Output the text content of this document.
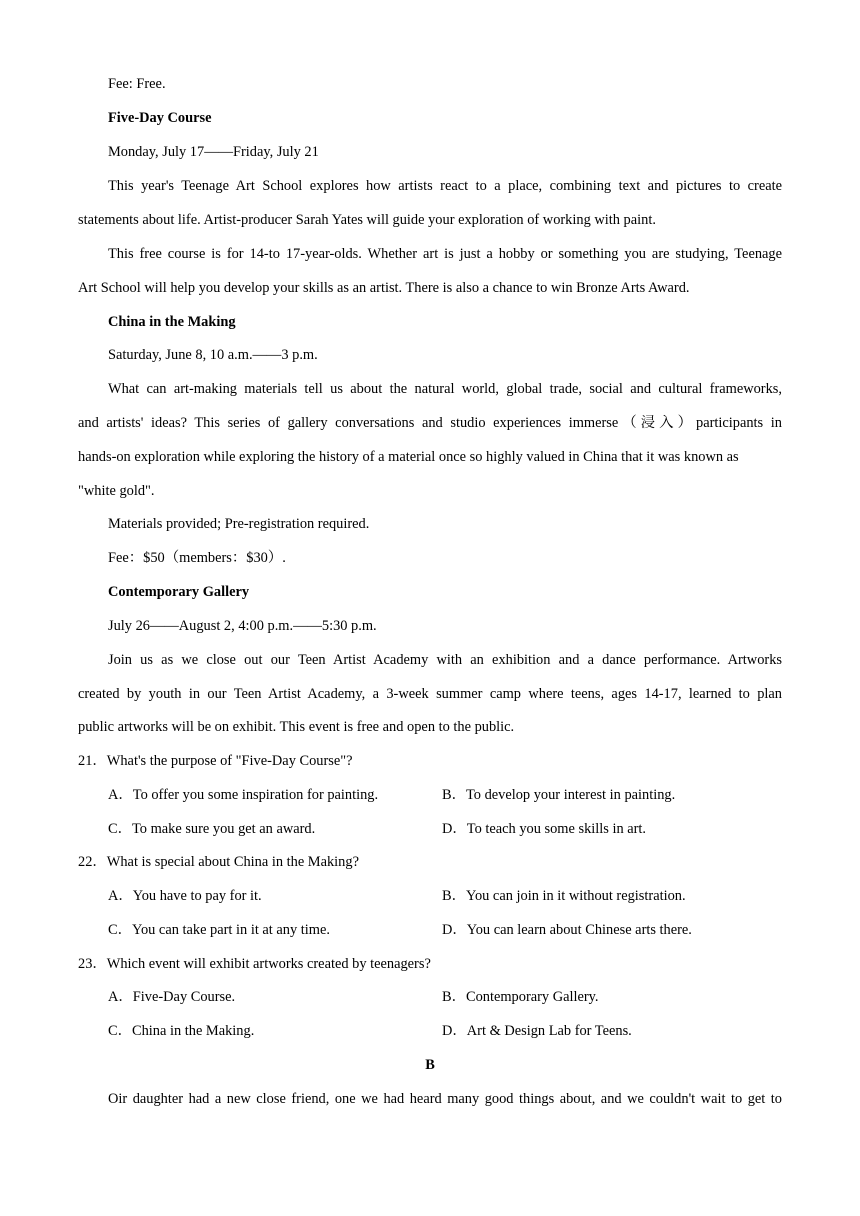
Fee: Free.
Five-Day Course
Monday, July 17——Friday, July 21
This year's Teenage Art School explores how artists react to a place, combining text and pictures to create
statements about life. Artist-producer Sarah Yates will guide your exploration of working with paint.
This free course is for 14-to 17-year-olds. Whether art is just a hobby or something you are studying, Teenage
Art School will help you develop your skills as an artist. There is also a chance to win Bronze Arts Award.
China in the Making
Saturday, June 8, 10 a.m.——3 p.m.
What can art-making materials tell us about the natural world, global trade, social and cultural frameworks,
and artists' ideas? This series of gallery conversations and studio experiences immerse（浸入）participants in
hands-on exploration while exploring the history of a material once so highly valued in China that it was known as
"white gold".
Materials provided; Pre-registration required.
Fee：$50（members：$30）.
Contemporary Gallery
July 26——August 2, 4:00 p.m.——5:30 p.m.
Join us as we close out our Teen Artist Academy with an exhibition and a dance performance. Artworks
created by youth in our Teen Artist Academy, a 3-week summer camp where teens, ages 14-17, learned to plan
public artworks will be on exhibit. This event is free and open to the public.
21．What's the purpose of "Five-Day Course"?
A．To offer you some inspiration for painting.	B．To develop your interest in painting.
C．To make sure you get an award.	D．To teach you some skills in art.
22．What is special about China in the Making?
A．You have to pay for it.	B．You can join in it without registration.
C．You can take part in it at any time.	D．You can learn about Chinese arts there.
23．Which event will exhibit artworks created by teenagers?
A．Five-Day Course.	B．Contemporary Gallery.
C．China in the Making.	D．Art & Design Lab for Teens.
B
Oir daughter had a new close friend, one we had heard many good things about, and we couldn't wait to get to
